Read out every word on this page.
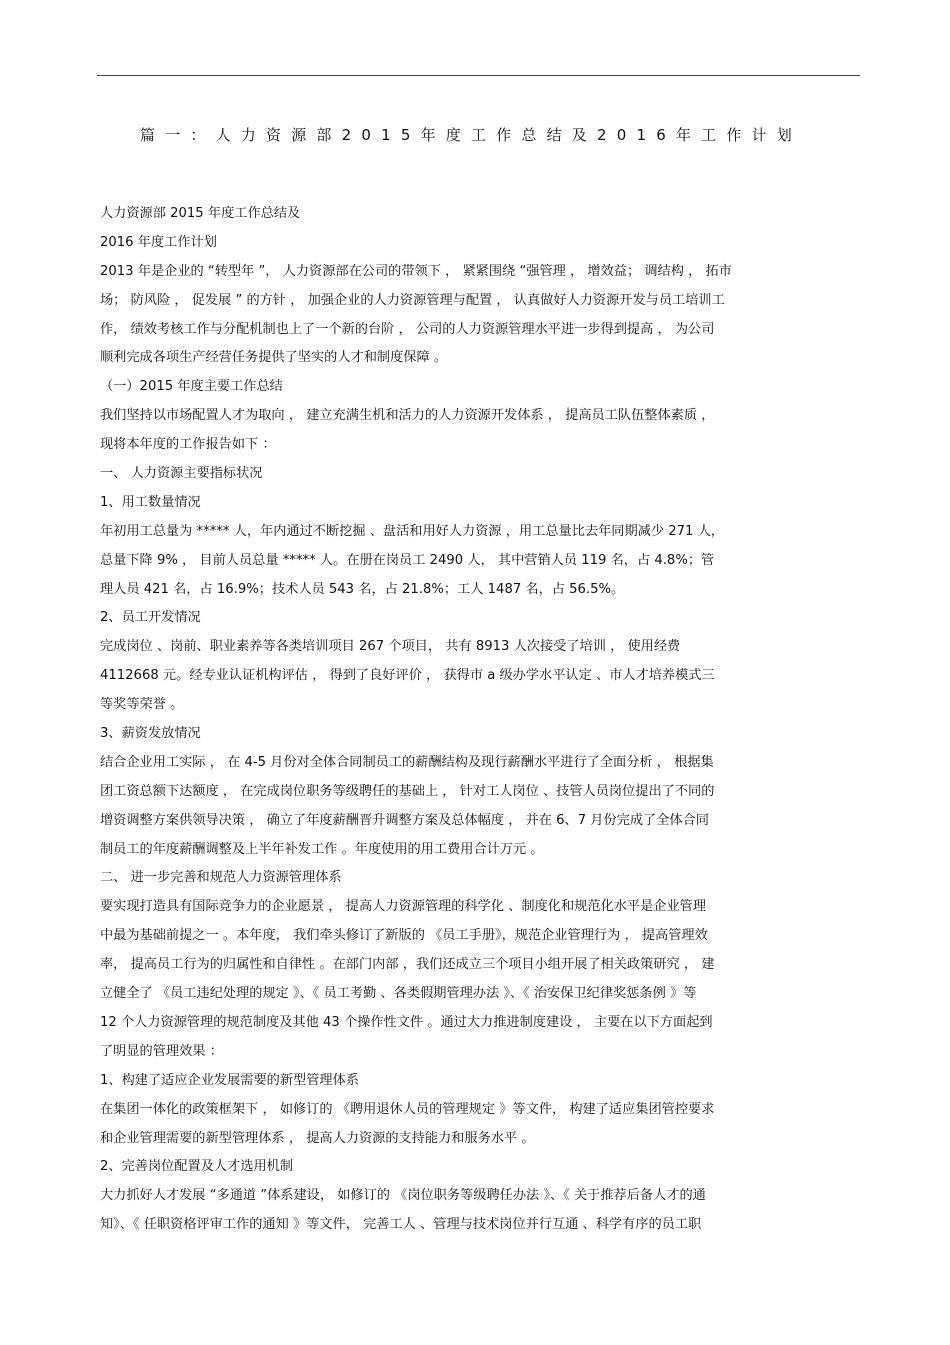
篇一：人力资源部2015年度工作总结及2016年工作计划

人力资源部 2015 年度工作总结及

2016 年度工作计划

2013 年是企业的 “转型年 ”， 人力资源部在公司的带领下 ， 紧紧围绕 “强管理 ， 增效益； 调结构 ， 拓市

场； 防风险 ， 促发展 ” 的方针 ， 加强企业的人力资源管理与配置 ， 认真做好人力资源开发与员工培训工

作， 绩效考核工作与分配机制也上了一个新的台阶 ， 公司的人力资源管理水平进一步得到提高 ， 为公司

顺利完成各项生产经营任务提供了坚实的人才和制度保障 。

（一）2015 年度主要工作总结

我们坚持以市场配置人才为取向 ， 建立充满生机和活力的人力资源开发体系 ， 提高员工队伍整体素质 ，

现将本年度的工作报告如下 ：

一、 人力资源主要指标状况

1、用工数量情况

年初用工总量为 ***** 人，年内通过不断挖掘 、盘活和用好人力资源 ，用工总量比去年同期减少 271 人，

总量下降 9% ， 目前人员总量 ***** 人。在册在岗员工 2490 人， 其中营销人员 119 名，占 4.8%；管

理人员 421 名，占 16.9%；技术人员 543 名，占 21.8%；工人 1487 名，占 56.5%。

2、员工开发情况

完成岗位 、岗前、职业素养等各类培训项目 267 个项目， 共有 8913 人次接受了培训 ， 使用经费

4112668 元。经专业认证机构评估 ， 得到了良好评价 ， 获得市 a 级办学水平认定 、市人才培养模式三

等奖等荣誉 。

3、薪资发放情况

结合企业用工实际 ， 在 4-5 月份对全体合同制员工的薪酬结构及现行薪酬水平进行了全面分析 ， 根据集

团工资总额下达额度 ， 在完成岗位职务等级聘任的基础上 ， 针对工人岗位 、技管人员岗位提出了不同的

增资调整方案供领导决策 ， 确立了年度薪酬晋升调整方案及总体幅度 ， 并在 6、7 月份完成了全体合同

制员工的年度薪酬调整及上半年补发工作 。年度使用的用工费用合计万元 。

二、 进一步完善和规范人力资源管理体系

要实现打造具有国际竞争力的企业愿景 ， 提高人力资源管理的科学化 、制度化和规范化水平是企业管理

中最为基础前提之一 。本年度， 我们牵头修订了新版的 《员工手册》，规范企业管理行为 ， 提高管理效

率， 提高员工行为的归属性和自律性 。在部门内部 ，我们还成立三个项目小组开展了相关政策研究 ， 建

立健全了 《员工违纪处理的规定 》、《 员工考勤 、各类假期管理办法 》、《 治安保卫纪律奖惩条例 》等

12 个人力资源管理的规范制度及其他 43 个操作性文件 。通过大力推进制度建设 ， 主要在以下方面起到

了明显的管理效果 ：

1、构建了适应企业发展需要的新型管理体系

在集团一体化的政策框架下 ， 如修订的 《聘用退休人员的管理规定 》等文件， 构建了适应集团管控要求

和企业管理需要的新型管理体系 ， 提高人力资源的支持能力和服务水平 。

2、完善岗位配置及人才选用机制

大力抓好人才发展 “多通道 ”体系建设， 如修订的 《岗位职务等级聘任办法 》、《 关于推荐后备人才的通

知》、《 任职资格评审工作的通知 》等文件， 完善工人 、管理与技术岗位并行互通 、科学有序的员工职
